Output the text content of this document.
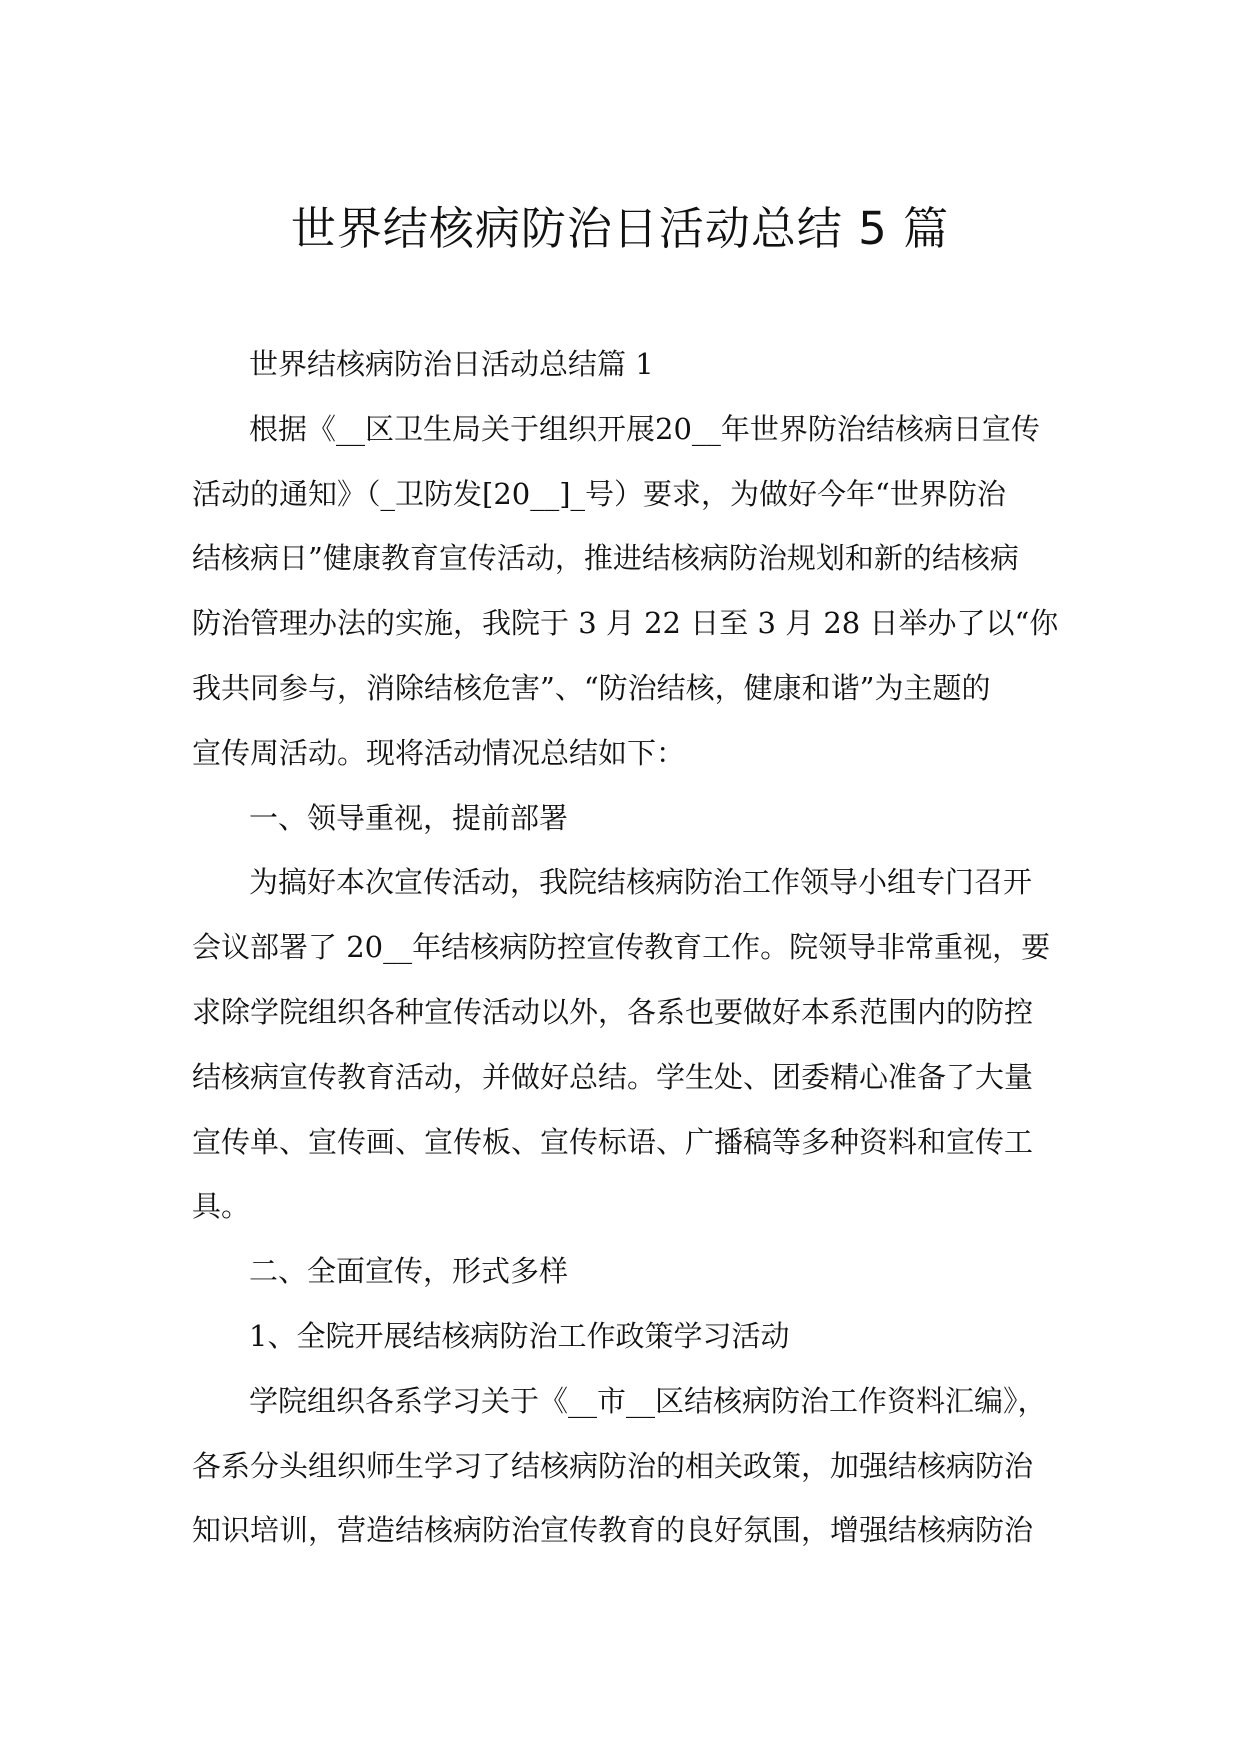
世界结核病防治日活动总结 5 篇
世界结核病防治日活动总结篇 1
根据《__区卫生局关于组织开展20__年世界防治结核病日宣传
活动的通知》（_卫防发[20__]_号）要求，为做好今年“世界防治
结核病日”健康教育宣传活动，推进结核病防治规划和新的结核病
防治管理办法的实施，我院于 3 月 22 日至 3 月 28 日举办了以“你
我共同参与，消除结核危害”、“防治结核，健康和谐”为主题的
宣传周活动。现将活动情况总结如下：
一、领导重视，提前部署
为搞好本次宣传活动，我院结核病防治工作领导小组专门召开
会议部署了 20__年结核病防控宣传教育工作。院领导非常重视，要
求除学院组织各种宣传活动以外，各系也要做好本系范围内的防控
结核病宣传教育活动，并做好总结。学生处、团委精心准备了大量
宣传单、宣传画、宣传板、宣传标语、广播稿等多种资料和宣传工
具。
二、全面宣传，形式多样
1、全院开展结核病防治工作政策学习活动
学院组织各系学习关于《__市__区结核病防治工作资料汇编》，
各系分头组织师生学习了结核病防治的相关政策，加强结核病防治
知识培训，营造结核病防治宣传教育的良好氛围，增强结核病防治
